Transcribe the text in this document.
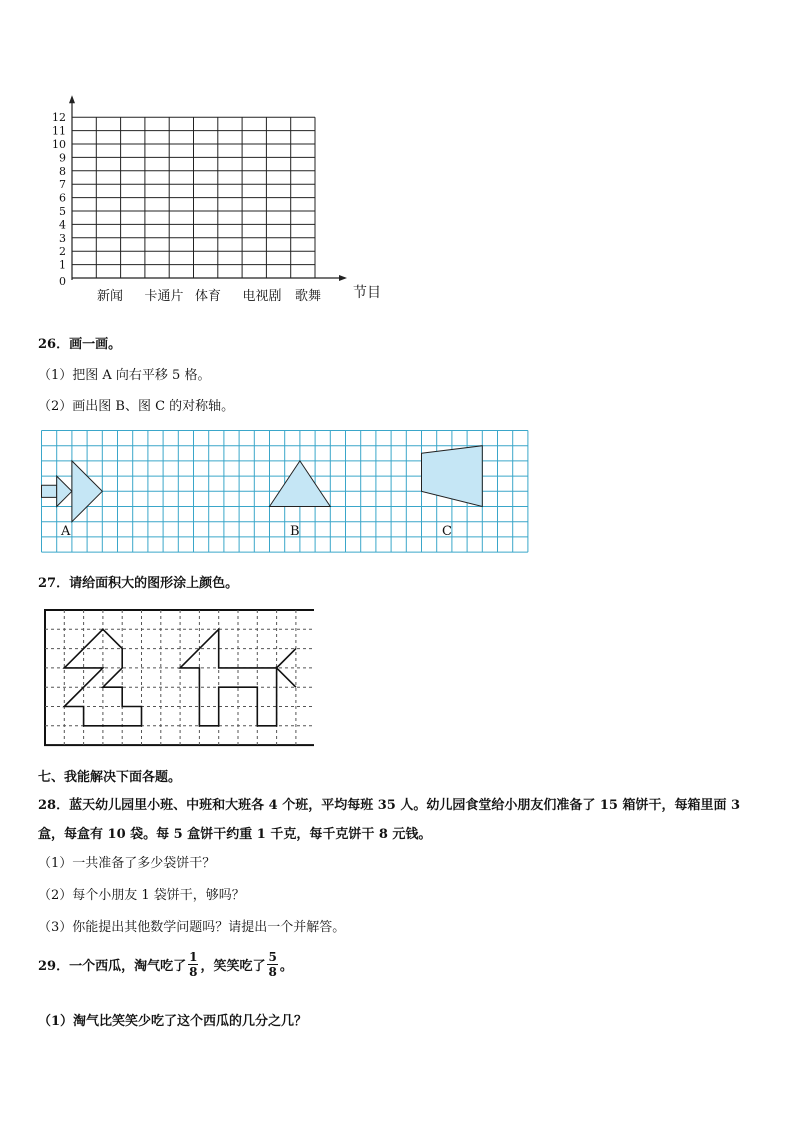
0
1
2
3
4
5
6
7
8
9
10
11
12
新闻 卡通片 体育 电视剧 歌舞 节目
26．画一画。
（1）把图 A 向右平移 5 格。
（2）画出图 B、图 C 的对称轴。
A	B	C
27．请给面积大的图形涂上颜色。
七、我能解决下面各题。
28．蓝天幼儿园里小班、中班和大班各 4 个班，平均每班 35 人。幼儿园食堂给小朋友们准备了 15 箱饼干，每箱里面 3
盒，每盒有 10 袋。每 5 盒饼干约重 1 千克，每千克饼干 8 元钱。
（1）一共准备了多少袋饼干？
（2）每个小朋友 1 袋饼干，够吗？
（3）你能提出其他数学问题吗？请提出一个并解答。
29．一个西瓜，淘气吃了 $\frac{1}{8}$ ，笑笑吃了 $\frac{5}{8}$ 。
（1）淘气比笑笑少吃了这个西瓜的几分之几？
